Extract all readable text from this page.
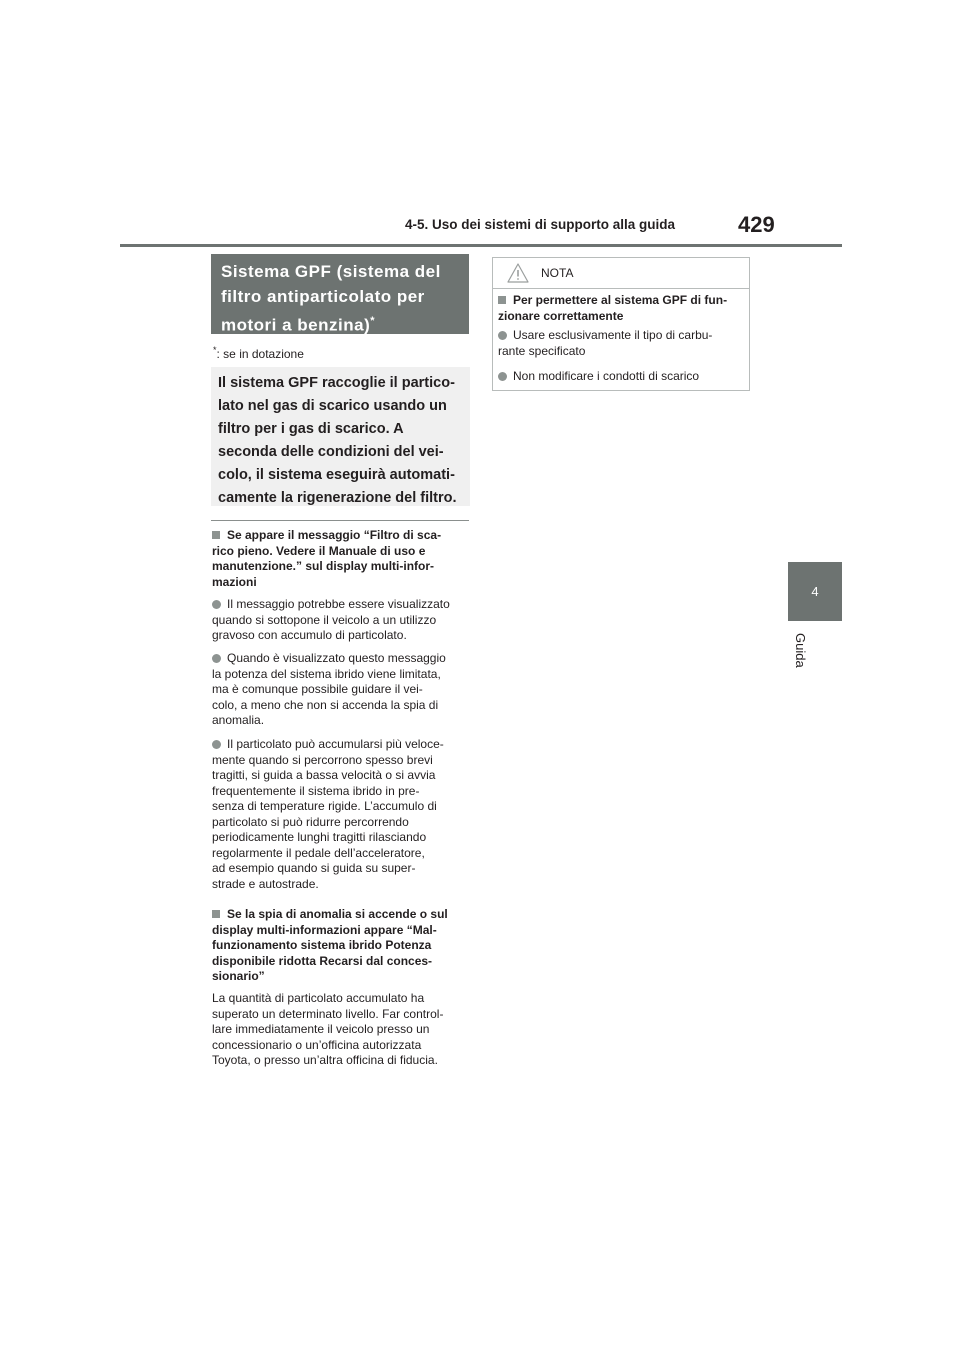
4-5. Uso dei sistemi di supporto alla guida	429
4
Guida
Sistema GPF (sistema del
filtro antiparticolato per
motori a benzina)*
*: se in dotazione
Il sistema GPF raccoglie il partico-
lato nel gas di scarico usando un
filtro per i gas di scarico. A
seconda delle condizioni del vei-
colo, il sistema eseguirà automati-
camente la rigenerazione del filtro.
Se appare il messaggio “Filtro di sca-
rico pieno. Vedere il Manuale di uso e
manutenzione.” sul display multi-infor-
mazioni
Il messaggio potrebbe essere visualizzato
quando si sottopone il veicolo a un utilizzo
gravoso con accumulo di particolato.
Quando è visualizzato questo messaggio
la potenza del sistema ibrido viene limitata,
ma è comunque possibile guidare il vei-
colo, a meno che non si accenda la spia di
anomalia.
Il particolato può accumularsi più veloce-
mente quando si percorrono spesso brevi
tragitti, si guida a bassa velocità o si avvia
frequentemente il sistema ibrido in pre-
senza di temperature rigide. L’accumulo di
particolato si può ridurre percorrendo
periodicamente lunghi tragitti rilasciando
regolarmente il pedale dell’acceleratore,
ad esempio quando si guida su super-
strade e autostrade.
Se la spia di anomalia si accende o sul
display multi-informazioni appare “Mal-
funzionamento sistema ibrido Potenza
disponibile ridotta Recarsi dal conces-
sionario”
La quantità di particolato accumulato ha
superato un determinato livello. Far control-
lare immediatamente il veicolo presso un
concessionario o un’officina autorizzata
Toyota, o presso un’altra officina di fiducia.
NOTA
Per permettere al sistema GPF di fun-
zionare correttamente
Usare esclusivamente il tipo di carbu-
rante specificato
Non modificare i condotti di scarico
